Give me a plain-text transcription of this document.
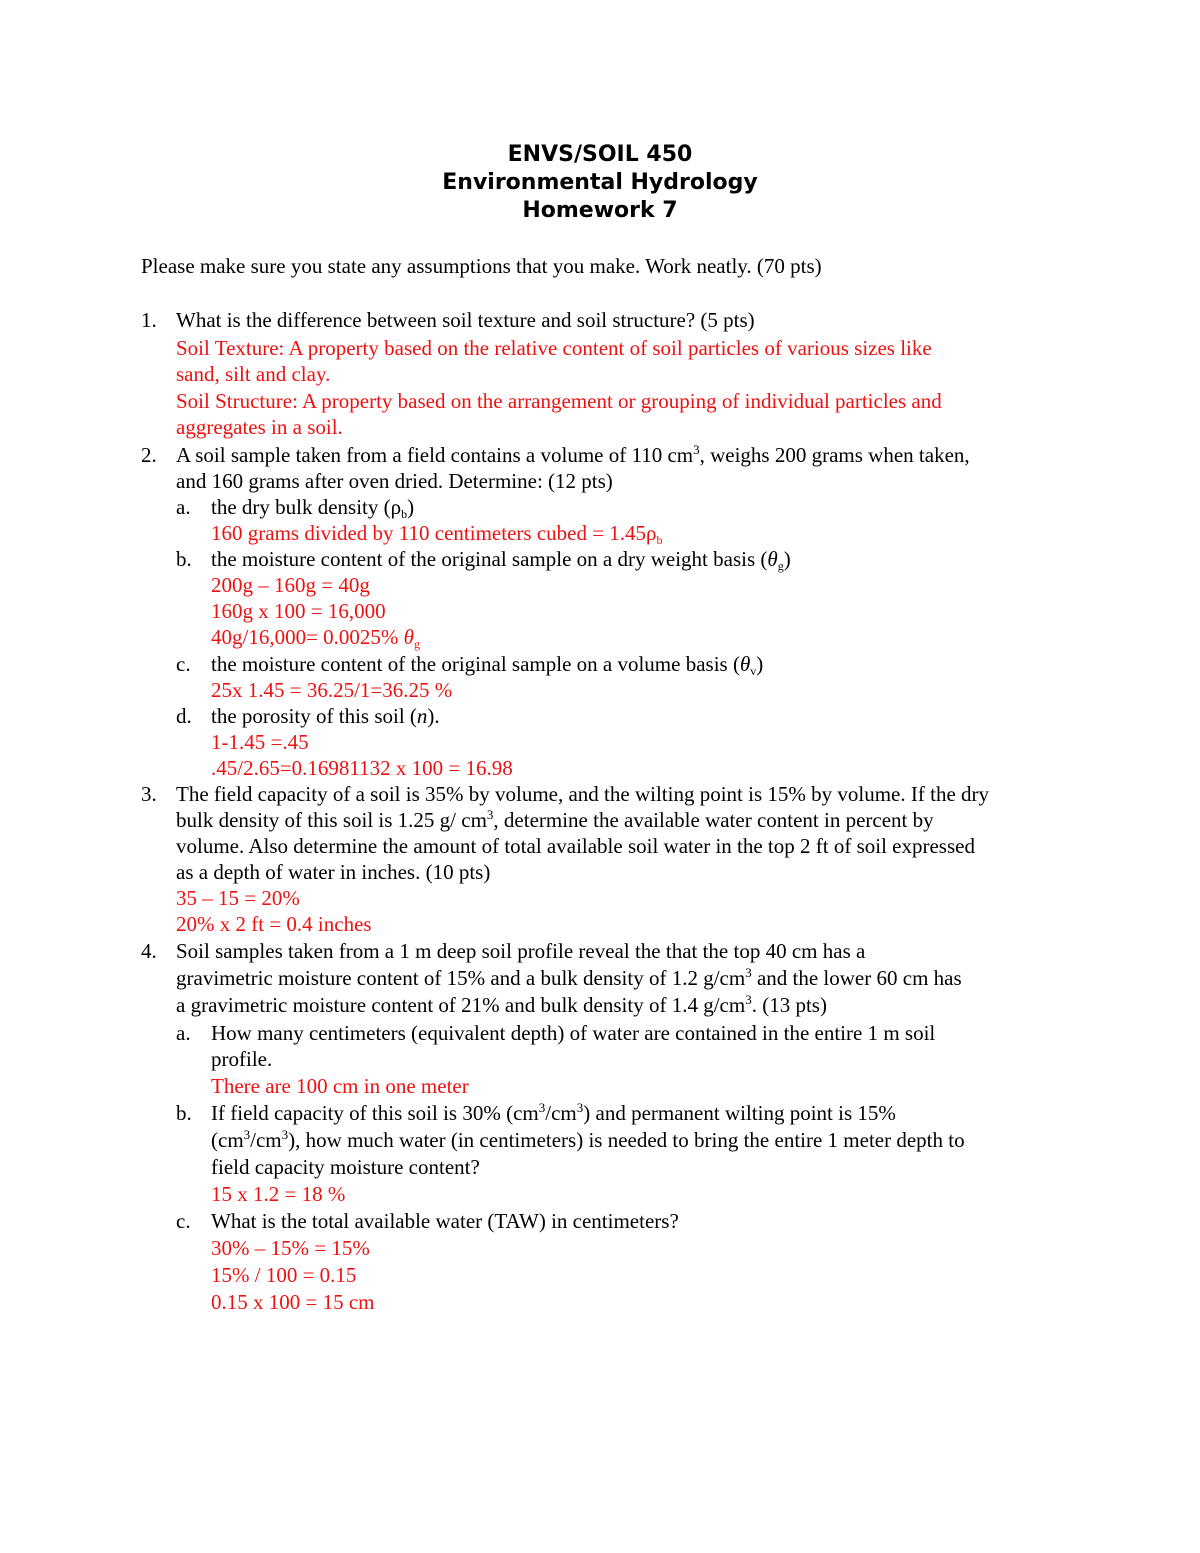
ENVS/SOIL 450
Environmental Hydrology
Homework 7
Please make sure you state any assumptions that you make. Work neatly. (70 pts)
1. What is the difference between soil texture and soil structure? (5 pts)
Soil Texture: A property based on the relative content of soil particles of various sizes like
sand, silt and clay.
Soil Structure: A property based on the arrangement or grouping of individual particles and
aggregates in a soil.
2. A soil sample taken from a field contains a volume of 110 $cm^3$, weighs 200 grams when taken,
and 160 grams after oven dried. Determine: (12 pts)
a. the dry bulk density $(\rho_b)$
160 grams divided by 110 centimeters cubed = $1.45\rho_b$
b. the moisture content of the original sample on a dry weight basis $(\theta_g)$
200g – 160g = 40g
160g x 100 = 16,000
40g/16,000= 0.0025% $\theta_g$
c. the moisture content of the original sample on a volume basis $(\theta_v)$
25x 1.45 = 36.25/1=36.25 %
d. the porosity of this soil (n).
1-1.45 =.45
.45/2.65=0.16981132 x 100 = 16.98
3. The field capacity of a soil is 35% by volume, and the wilting point is 15% by volume. If the dry
bulk density of this soil is 1.25 g/ $cm^3$, determine the available water content in percent by
volume. Also determine the amount of total available soil water in the top 2 ft of soil expressed
as a depth of water in inches. (10 pts)
35 – 15 = 20%
20% x 2 ft = 0.4 inches
4. Soil samples taken from a 1 m deep soil profile reveal the that the top 40 cm has a
gravimetric moisture content of 15% and a bulk density of 1.2 $g/cm^3$ and the lower 60 cm has
a gravimetric moisture content of 21% and bulk density of 1.4 $g/cm^3$. (13 pts)
a. How many centimeters (equivalent depth) of water are contained in the entire 1 m soil
profile.
There are 100 cm in one meter
b. If field capacity of this soil is 30% $(cm^3/cm^3)$ and permanent wilting point is 15%
$(cm^3/cm^3)$, how much water (in centimeters) is needed to bring the entire 1 meter depth to
field capacity moisture content?
15 x 1.2 = 18 %
c. What is the total available water (TAW) in centimeters?
30% – 15% = 15%
15% / 100 = 0.15
0.15 x 100 = 15 cm
